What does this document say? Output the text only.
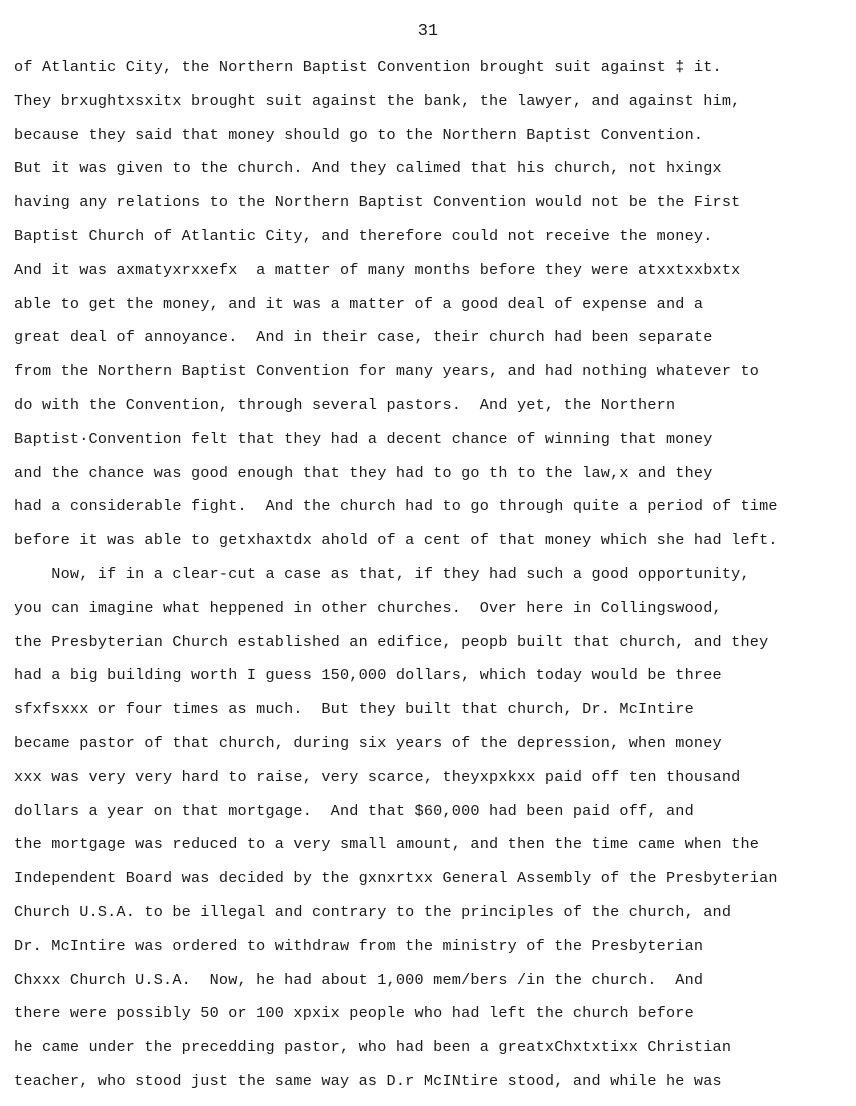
31
of Atlantic City, the Northern Baptist Convention brought suit against ‡ it.
They brxughtxsxitx brought suit against the bank, the lawyer, and against him,
because they said that money should go to the Northern Baptist Convention.
But it was given to the church. And they calimed that his church, not hxingx
having any relations to the Northern Baptist Convention would not be the First
Baptist Church of Atlantic City, and therefore could not receive the money.
And it was axmatyxrxxefx  a matter of many months before they were atxxtxxbxtx
able to get the money, and it was a matter of a good deal of expense and a
great deal of annoyance.  And in their case, their church had been separate
from the Northern Baptist Convention for many years, and had nothing whatever to
do with the Convention, through several pastors.  And yet, the Northern
Baptist·Convention felt that they had a decent chance of winning that money
and the chance was good enough that they had to go th to the law,x and they
had a considerable fight.  And the church had to go through quite a period of time
before it was able to getxhaxtdx ahold of a cent of that money which she had left.
Now, if in a clear-cut a case as that, if they had such a good opportunity,
you can imagine what heppened in other churches.  Over here in Collingswood,
the Presbyterian Church established an edifice, peopb built that church, and they
had a big building worth I guess 150,000 dollars, which today would be three
sfxfsxxx or four times as much.  But they built that church, Dr. McIntire
became pastor of that church, during six years of the depression, when money
xxx was very very hard to raise, very scarce, theyxpxkxx paid off ten thousand
dollars a year on that mortgage.  And that $60,000 had been paid off, and
the mortgage was reduced to a very small amount, and then the time came when the
Independent Board was decided by the gxnxrtxx General Assembly of the Presbyterian
Church U.S.A. to be illegal and contrary to the principles of the church, and
Dr. McIntire was ordered to withdraw from the ministry of the Presbyterian
Chxxx Church U.S.A.  Now, he had about 1,000 mem/bers /in the church.  And
there were possibly 50 or 100 xpxix people who had left the church before
he came under the precedding pastor, who had been a greatxChxtxtixx Christian
teacher, who stood just the same way as D.r McINtire stood, and while he was
